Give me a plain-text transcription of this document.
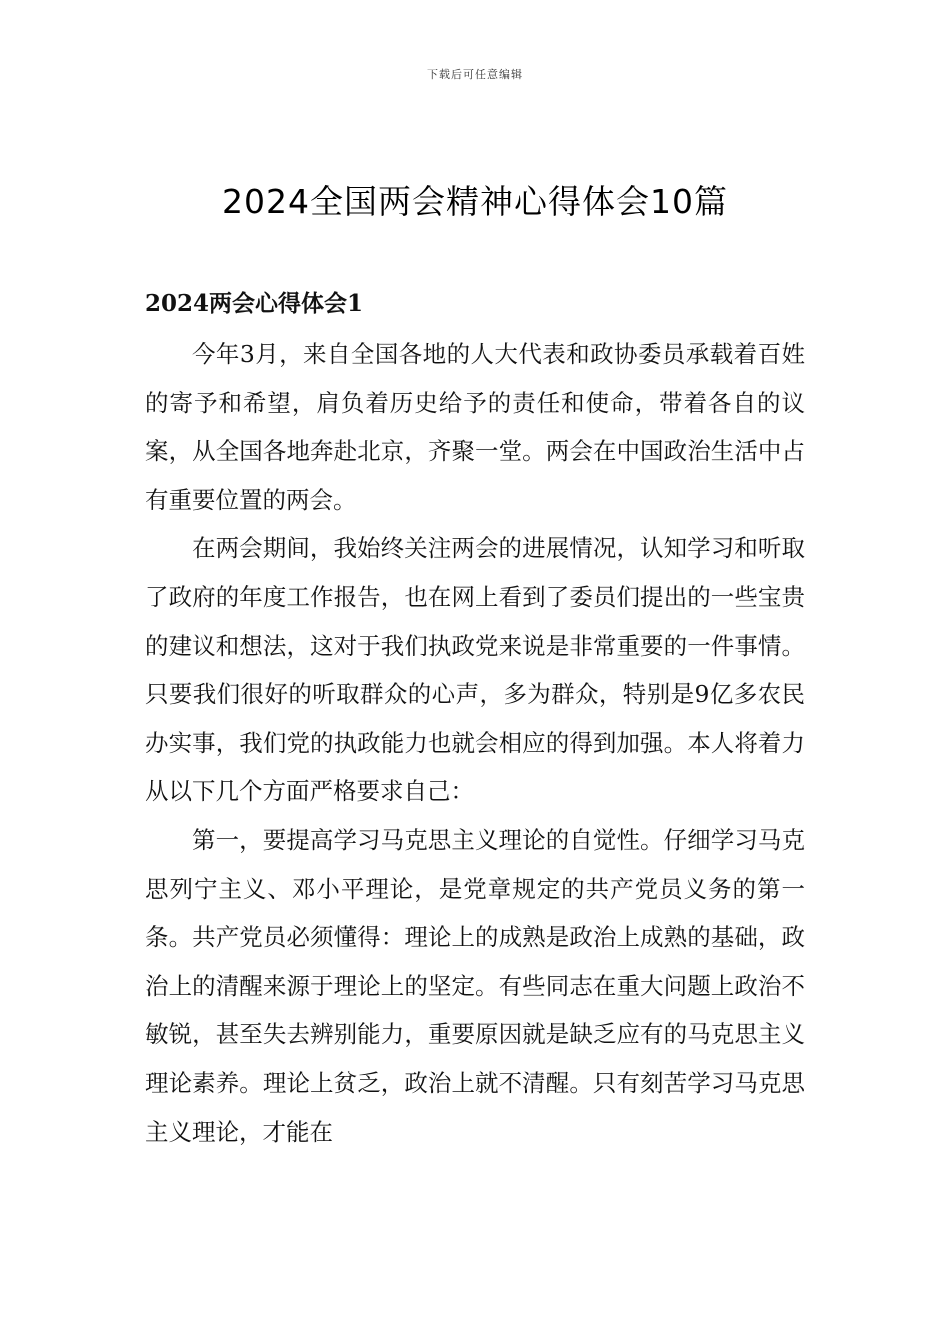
下载后可任意编辑
2024全国两会精神心得体会10篇
2024两会心得体会1

今年3月，来自全国各地的人大代表和政协委员承载着百姓的寄予和希望，肩负着历史给予的责任和使命，带着各自的议案，从全国各地奔赴北京，齐聚一堂。两会在中国政治生活中占有重要位置的两会。

在两会期间，我始终关注两会的进展情况，认知学习和听取了政府的年度工作报告，也在网上看到了委员们提出的一些宝贵的建议和想法，这对于我们执政党来说是非常重要的一件事情。只要我们很好的听取群众的心声，多为群众，特别是9亿多农民办实事，我们党的执政能力也就会相应的得到加强。本人将着力从以下几个方面严格要求自己：

第一，要提高学习马克思主义理论的自觉性。仔细学习马克思列宁主义、邓小平理论，是党章规定的共产党员义务的第一条。共产党员必须懂得：理论上的成熟是政治上成熟的基础，政治上的清醒来源于理论上的坚定。有些同志在重大问题上政治不敏锐，甚至失去辨别能力，重要原因就是缺乏应有的马克思主义理论素养。理论上贫乏，政治上就不清醒。只有刻苦学习马克思主义理论，才能在
